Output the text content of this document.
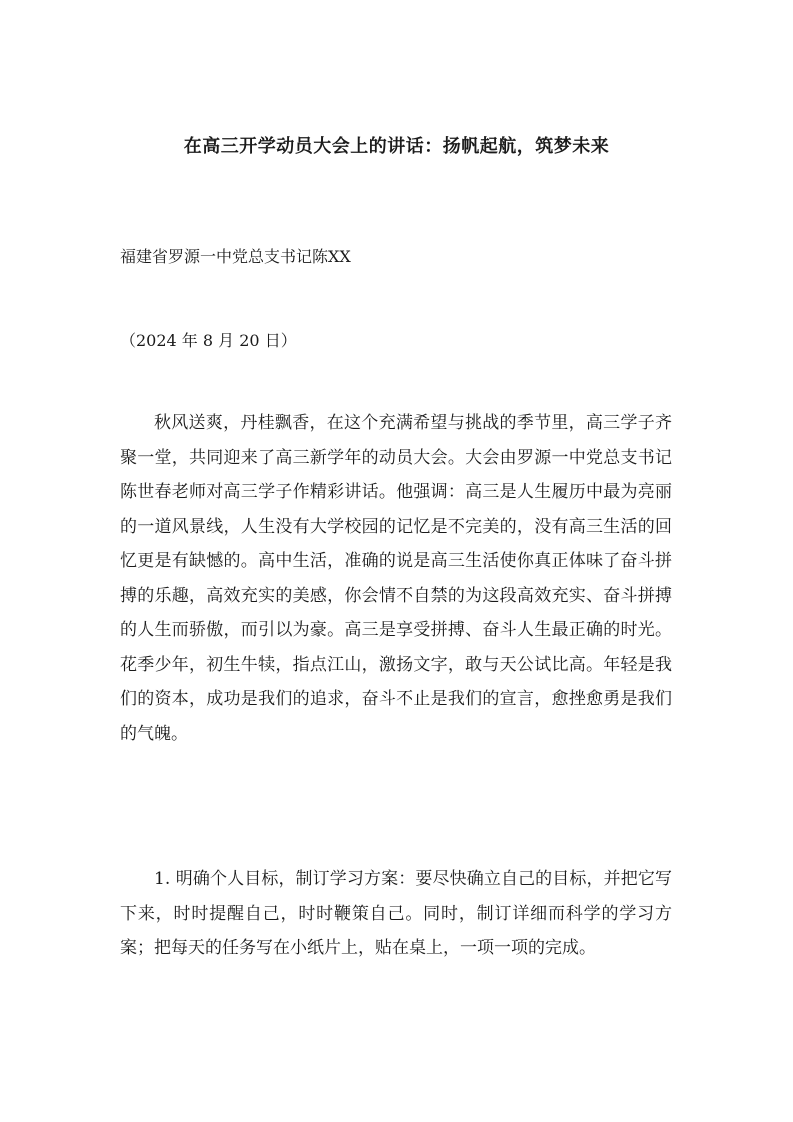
在高三开学动员大会上的讲话：扬帆起航，筑梦未来
福建省罗源一中党总支书记陈XX
（2024 年 8 月 20 日）

秋风送爽，丹桂飘香，在这个充满希望与挑战的季节里，高三学子齐聚一堂，共同迎来了高三新学年的动员大会。大会由罗源一中党总支书记陈世春老师对高三学子作精彩讲话。他强调：高三是人生履历中最为亮丽的一道风景线，人生没有大学校园的记忆是不完美的，没有高三生活的回忆更是有缺憾的。高中生活，准确的说是高三生活使你真正体味了奋斗拼搏的乐趣，高效充实的美感，你会情不自禁的为这段高效充实、奋斗拼搏的人生而骄傲，而引以为豪。高三是享受拼搏、奋斗人生最正确的时光。花季少年，初生牛犊，指点江山，激扬文字，敢与天公试比高。年轻是我们的资本，成功是我们的追求，奋斗不止是我们的宣言，愈挫愈勇是我们的气魄。

1. 明确个人目标，制订学习方案：要尽快确立自己的目标，并把它写下来，时时提醒自己，时时鞭策自己。同时，制订详细而科学的学习方案；把每天的任务写在小纸片上，贴在桌上，一项一项的完成。
